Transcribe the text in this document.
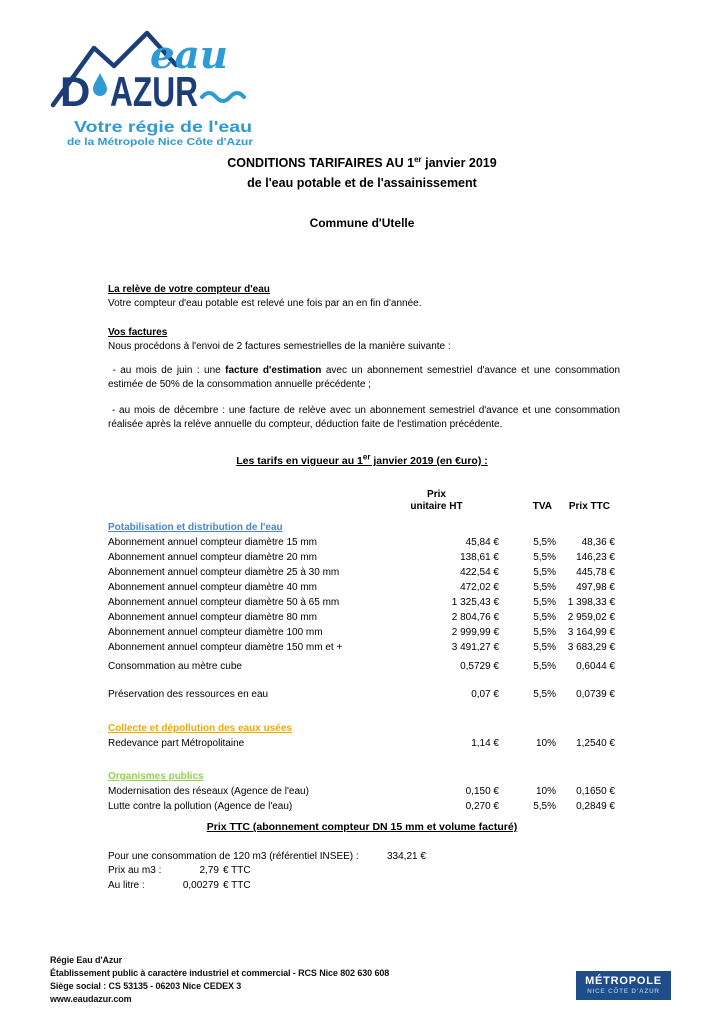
eau
D AZUR
Votre régie de l'eau
de la Métropole Nice Côte d'Azur
CONDITIONS TARIFAIRES AU 1er janvier 2019
de l'eau potable et de l'assainissement
Commune d'Utelle
La relève de votre compteur d'eau
Votre compteur d'eau potable est relevé une fois par an en fin d'année.
Vos factures
Nous procédons à l'envoi de 2 factures semestrielles de la manière suivante :
- au mois de juin : une facture d'estimation avec un abonnement semestriel d'avance et une consommation estimée de 50% de la consommation annuelle précédente ;
- au mois de décembre : une facture de relève avec un abonnement semestriel d'avance et une consommation réalisée après la relève annuelle du compteur, déduction faite de l'estimation précédente.
Les tarifs en vigueur au 1er janvier 2019 (en €uro) :
Prix
unitaire HT	TVA	Prix TTC
Potabilisation et distribution de l'eau
Abonnement annuel compteur diamètre 15 mm	45,84 €	5,5%	48,36 €
Abonnement annuel compteur diamètre 20 mm	138,61 €	5,5%	146,23 €
Abonnement annuel compteur diamètre 25 à 30 mm	422,54 €	5,5%	445,78 €
Abonnement annuel compteur diamètre 40 mm	472,02 €	5,5%	497,98 €
Abonnement annuel compteur diamètre 50 à 65 mm	1 325,43 €	5,5%	1 398,33 €
Abonnement annuel compteur diamètre 80 mm	2 804,76 €	5,5%	2 959,02 €
Abonnement annuel compteur diamètre 100 mm	2 999,99 €	5,5%	3 164,99 €
Abonnement annuel compteur diamètre 150 mm et +	3 491,27 €	5,5%	3 683,29 €
Consommation au mètre cube	0,5729 €	5,5%	0,6044 €
Préservation des ressources en eau	0,07 €	5,5%	0,0739 €
Collecte et dépollution des eaux usées
Redevance part Métropolitaine	1,14 €	10%	1,2540 €
Organismes publics
Modernisation des réseaux (Agence de l'eau)	0,150 €	10%	0,1650 €
Lutte contre la pollution (Agence de l'eau)	0,270 €	5,5%	0,2849 €
Prix TTC (abonnement compteur DN 15 mm et volume facturé)
Pour une consommation de 120 m3 (référentiel INSEE) :	334,21 €
Prix au m3 :	2,79 € TTC
Au litre :	0,00279 € TTC
Régie Eau d'Azur
Établissement public à caractère industriel et commercial - RCS Nice 802 630 608
Siège social : CS 53135 - 06203 Nice CEDEX 3
www.eaudazur.com
MÉTROPOLE
NICE CÔTE D'AZUR
